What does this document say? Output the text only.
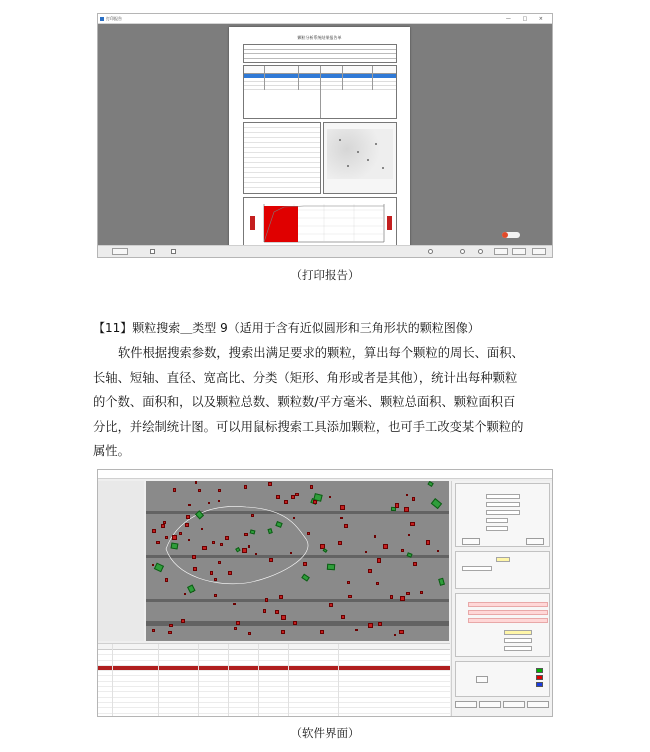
打印报告	— □ ×
颗粒分析系统结果报告单
（打印报告）
【11】颗粒搜索＿类型 9（适用于含有近似圆形和三角形状的颗粒图像）
软件根据搜索参数，搜索出满足要求的颗粒，算出每个颗粒的周长、面积、
长轴、短轴、直径、宽高比、分类（矩形、角形或者是其他），统计出每种颗粒
的个数、面积和，以及颗粒总数、颗粒数/平方毫米、颗粒总面积、颗粒面积百
分比，并绘制统计图。可以用鼠标搜索工具添加颗粒，也可手工改变某个颗粒的
属性。
（软件界面）
